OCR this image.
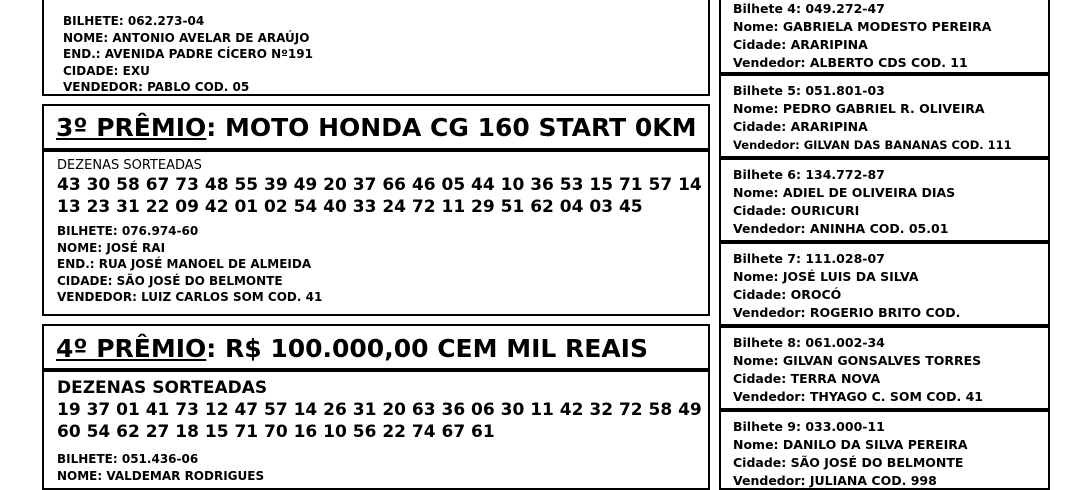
BILHETE: 062.273-04
NOME: ANTONIO AVELAR DE ARAÚJO
END.: AVENIDA PADRE CÍCERO Nº191
CIDADE: EXU
VENDEDOR: PABLO COD. 05
3º PRÊMIO: MOTO HONDA CG 160 START 0KM
DEZENAS SORTEADAS
43 30 58 67 73 48 55 39 49 20 37 66 46 05 44 10 36 53 15 71 57 14
13 23 31 22 09 42 01 02 54 40 33 24 72 11 29 51 62 04 03 45
BILHETE: 076.974-60
NOME: JOSÉ RAI
END.: RUA JOSÉ MANOEL DE ALMEIDA
CIDADE: SÃO JOSÉ DO BELMONTE
VENDEDOR: LUIZ CARLOS SOM COD. 41
4º PRÊMIO: R$ 100.000,00 CEM MIL REAIS
DEZENAS SORTEADAS
19 37 01 41 73 12 47 57 14 26 31 20 63 36 06 30 11 42 32 72 58 49
60 54 62 27 18 15 71 70 16 10 56 22 74 67 61
BILHETE: 051.436-06
NOME: VALDEMAR RODRIGUES
Bilhete 4: 049.272-47
Nome: GABRIELA MODESTO PEREIRA
Cidade: ARARIPINA
Vendedor: ALBERTO CDS COD. 11
Bilhete 5: 051.801-03
Nome: PEDRO GABRIEL R. OLIVEIRA
Cidade: ARARIPINA
Vendedor: GILVAN DAS BANANAS COD. 111
Bilhete 6: 134.772-87
Nome: ADIEL DE OLIVEIRA DIAS
Cidade: OURICURI
Vendedor: ANINHA COD. 05.01
Bilhete 7: 111.028-07
Nome: JOSÉ LUIS DA SILVA
Cidade: OROCÓ
Vendedor: ROGERIO BRITO COD.
Bilhete 8: 061.002-34
Nome: GILVAN GONSALVES TORRES
Cidade: TERRA NOVA
Vendedor: THYAGO C. SOM COD. 41
Bilhete 9: 033.000-11
Nome: DANILO DA SILVA PEREIRA
Cidade: SÃO JOSÉ DO BELMONTE
Vendedor: JULIANA COD. 998
